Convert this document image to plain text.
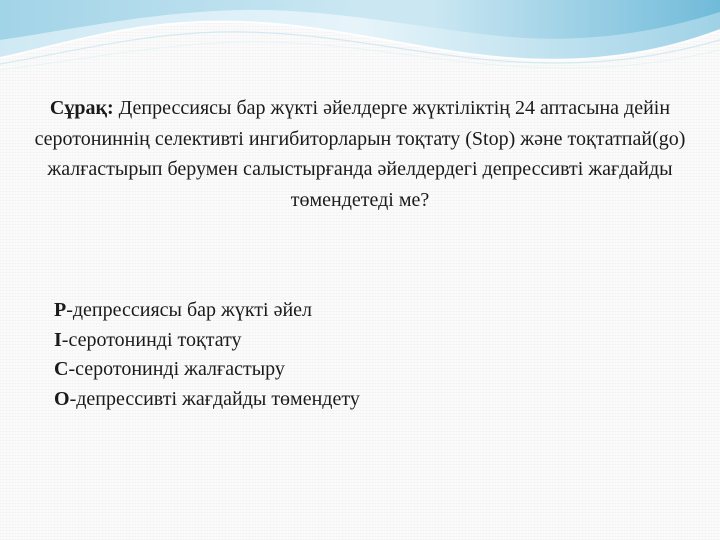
Сұрақ: Депрессиясы бар жүкті әйелдерге жүктіліктің 24 аптасына дейін серотониннің селективті ингибиторларын тоқтату (Stop) және тоқтатпай(go) жалғастырып берумен салыстырғанда әйелдердегі депрессивті жағдайды төмендетеді ме?
P-депрессиясы бар жүкті әйел
I-серотонинді тоқтату
C-серотонинді жалғастыру
O-депрессивті жағдайды төмендету
